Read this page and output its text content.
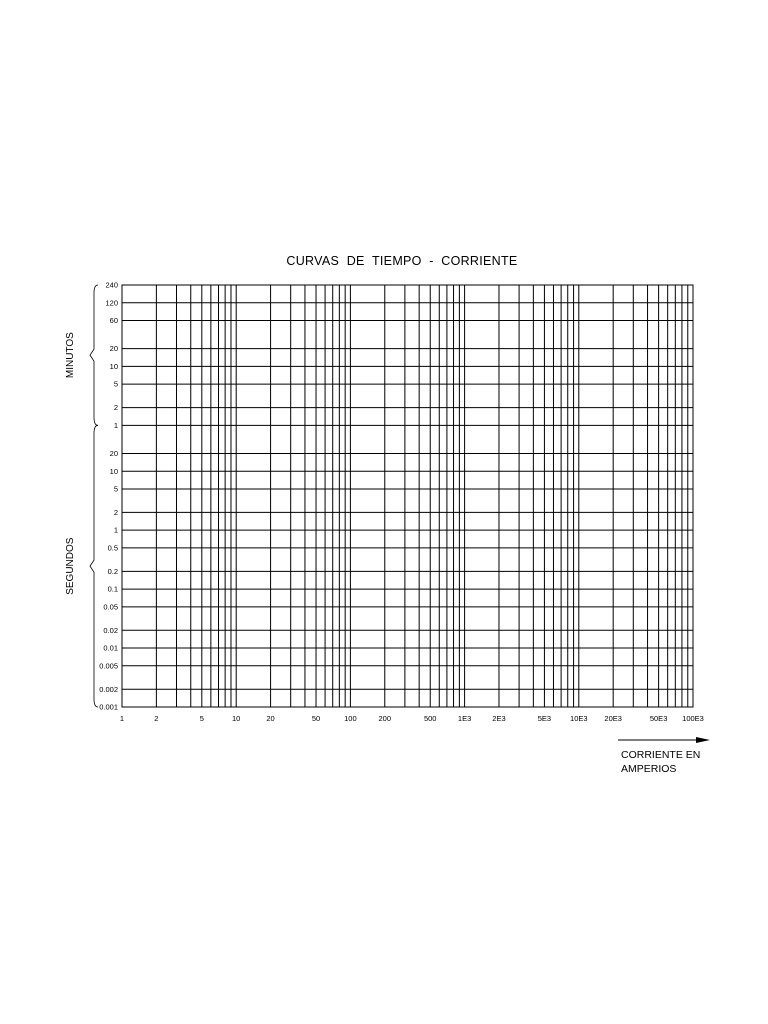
CURVAS  DE  TIEMPO  -  CORRIENTE
1	2	5	10	20	50	100	200	500	1E3	2E3	5E3	10E3 20E3	50E3 100E3
240
120
60
20
10
5
2
1
20
10
5
2
1
0.5
0.2
0.1
0.05
0.02
0.01
0.005
0.002
0.001
MINUTOS
SEGUNDOS
CORRIENTE EN
AMPERIOS
